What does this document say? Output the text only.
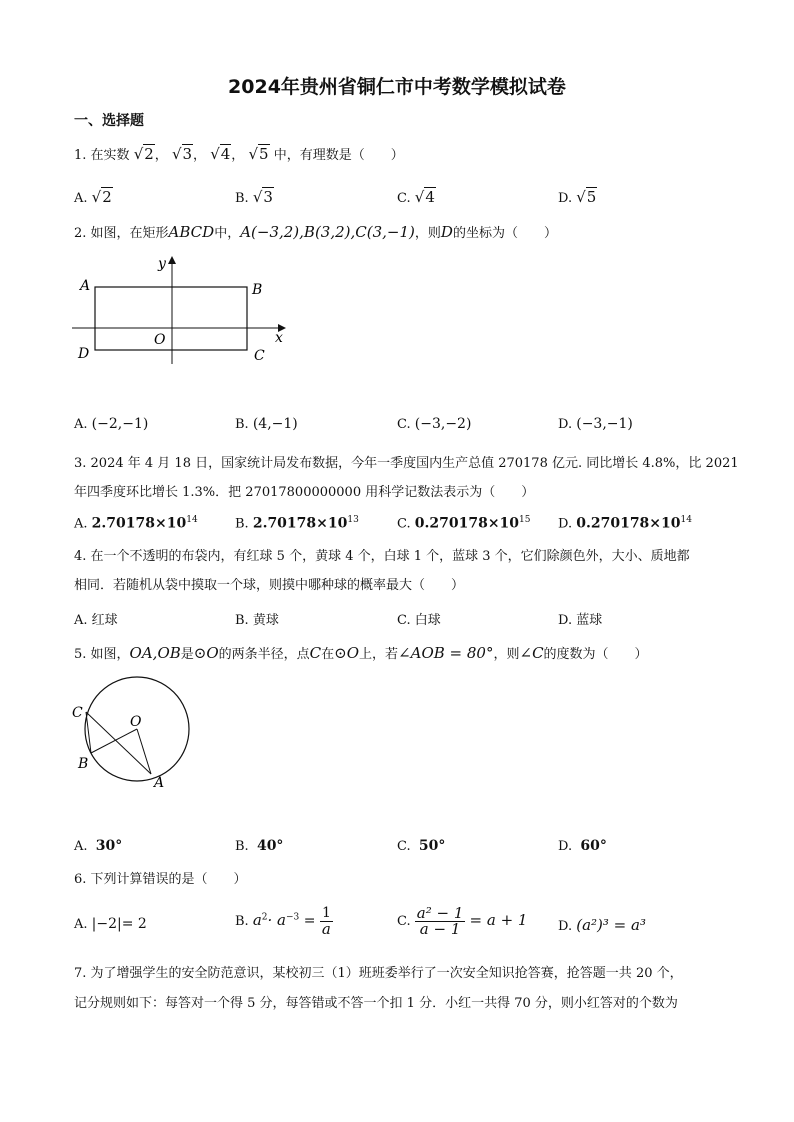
2024年贵州省铜仁市中考数学模拟试卷
一、选择题
1. 在实数 √2， √3， √4， √5 中，有理数是（　　）
A. √2	B. √3	C. √4	D. √5
2. 如图，在矩形ABCD中，A(−3,2),B(3,2),C(3,−1)，则D的坐标为（　　）
A	B
C
D
O	x
y
A. (−2,−1)	B. (4,−1)	C. (−3,−2)	D. (−3,−1)
3. 2024 年 4 月 18 日，国家统计局发布数据，今年一季度国内生产总值 270178 亿元. 同比增长 4.8%，比 2021
年四季度环比增长 1.3%．把 27017800000000 用科学记数法表示为（　　）
A. $2.70178\times 10^{14}$	B. $2.70178\times 10^{13}$	C. $0.270178\times 10^{15}$ D. $0.270178\times 10^{14}$
4. 在一个不透明的布袋内，有红球 5 个，黄球 4 个，白球 1 个，蓝球 3 个，它们除颜色外，大小、质地都
相同．若随机从袋中摸取一个球，则摸中哪种球的概率最大（　　）
A. 红球	B. 黄球	C. 白球	D. 蓝球
5. 如图，OA,OB是⊙O的两条半径，点C在⊙O上，若∠AOB = 80°，则∠C的度数为（　　）
C
O
B
A
A. 30°	B. 40°	C. 50°	D. 60°
6. 下列计算错误的是（　　）
A. |−2|= 2	B. $a^2\cdot a^{-3} = \frac{1}{a}$	C. $\frac{\text{a² − 1}}{a - 1} = a + 1$ D. (a²)³ = a³
7. 为了增强学生的安全防范意识，某校初三（1）班班委举行了一次安全知识抢答赛，抢答题一共 20 个，
记分规则如下：每答对一个得 5 分，每答错或不答一个扣 1 分．小红一共得 70 分，则小红答对的个数为
